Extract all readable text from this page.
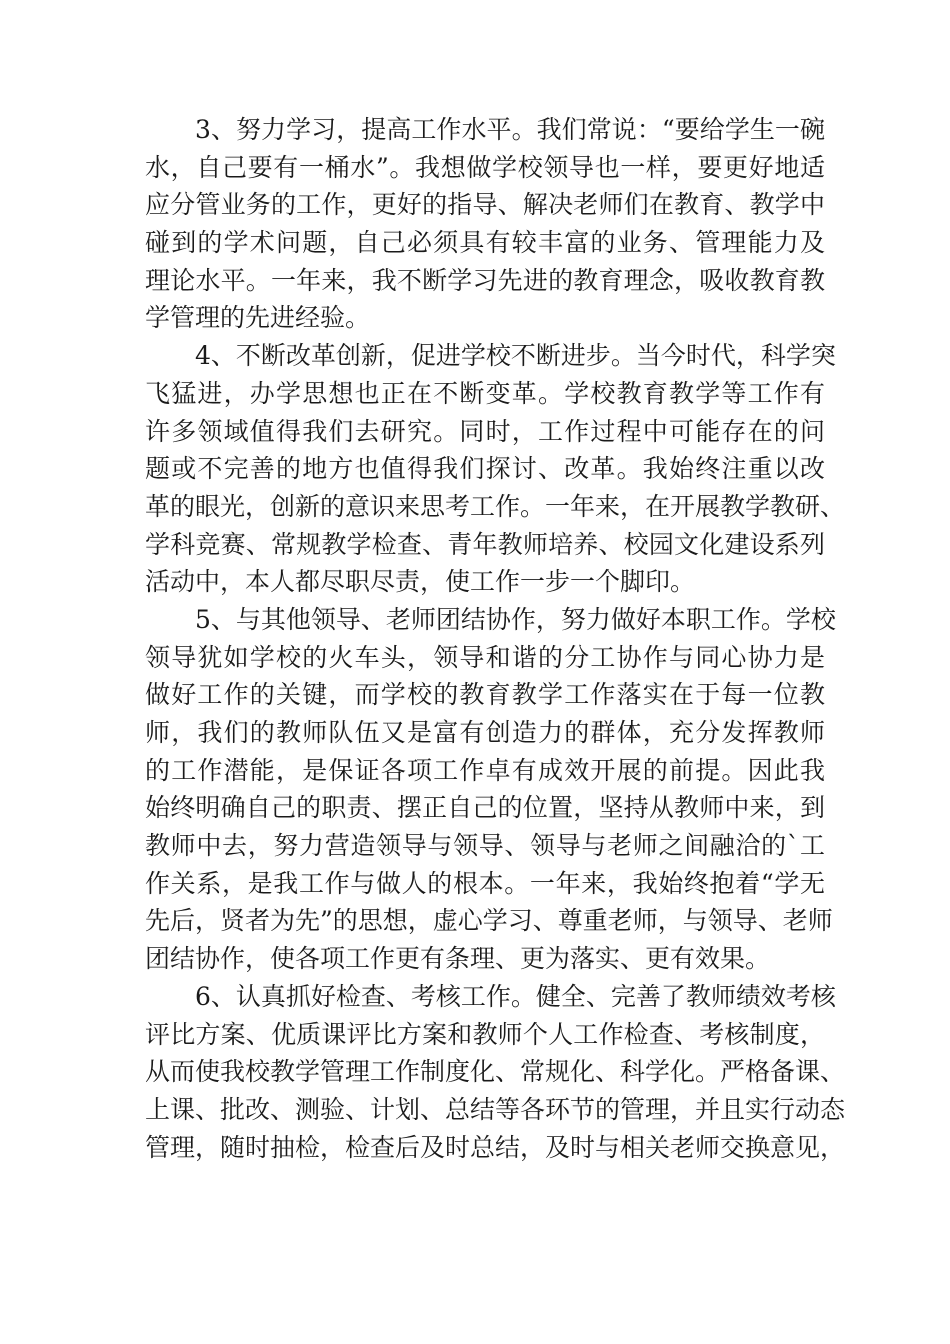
3、努力学习，提高工作水平。我们常说：“要给学生一碗
水，自己要有一桶水”。我想做学校领导也一样，要更好地适
应分管业务的工作，更好的指导、解决老师们在教育、教学中
碰到的学术问题，自己必须具有较丰富的业务、管理能力及
理论水平。一年来，我不断学习先进的教育理念，吸收教育教
学管理的先进经验。
4、不断改革创新，促进学校不断进步。当今时代，科学突
飞猛进，办学思想也正在不断变革。学校教育教学等工作有
许多领域值得我们去研究。同时，工作过程中可能存在的问
题或不完善的地方也值得我们探讨、改革。我始终注重以改
革的眼光，创新的意识来思考工作。一年来，在开展教学教研、
学科竞赛、常规教学检查、青年教师培养、校园文化建设系列
活动中，本人都尽职尽责，使工作一步一个脚印。
5、与其他领导、老师团结协作，努力做好本职工作。学校
领导犹如学校的火车头，领导和谐的分工协作与同心协力是
做好工作的关键，而学校的教育教学工作落实在于每一位教
师，我们的教师队伍又是富有创造力的群体，充分发挥教师
的工作潜能，是保证各项工作卓有成效开展的前提。因此我
始终明确自己的职责、摆正自己的位置，坚持从教师中来，到
教师中去，努力营造领导与领导、领导与老师之间融洽的`工
作关系，是我工作与做人的根本。一年来，我始终抱着“学无
先后，贤者为先”的思想，虚心学习、尊重老师，与领导、老师
团结协作，使各项工作更有条理、更为落实、更有效果。
6、认真抓好检查、考核工作。健全、完善了教师绩效考核
评比方案、优质课评比方案和教师个人工作检查、考核制度，
从而使我校教学管理工作制度化、常规化、科学化。严格备课、
上课、批改、测验、计划、总结等各环节的管理，并且实行动态
管理，随时抽检，检查后及时总结，及时与相关老师交换意见，
